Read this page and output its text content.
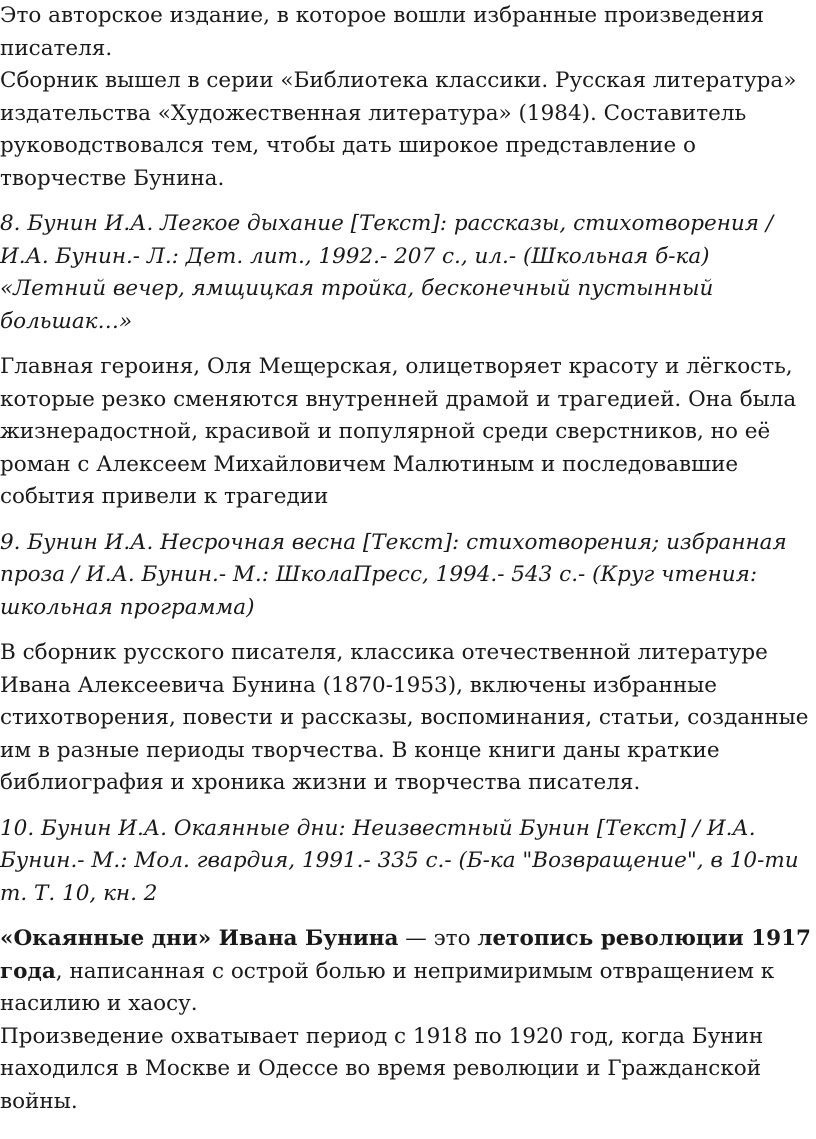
Это авторское издание, в которое вошли избранные произведения писателя.

Сборник вышел в серии «Библиотека классики. Русская литература» издательства «Художественная литература» (1984). Составитель руководствовался тем, чтобы дать широкое представление о творчестве Бунина.

8. Бунин И.А. Легкое дыхание [Текст]: рассказы, стихотворения / И.А. Бунин.- Л.: Дет. лит., 1992.- 207 с., ил.- (Школьная б-ка) «Летний вечер, ямщицкая тройка, бесконечный пустынный большак…»

Главная героиня, Оля Мещерская, олицетворяет красоту и лёгкость, которые резко сменяются внутренней драмой и трагедией. Она была жизнерадостной, красивой и популярной среди сверстников, но её роман с Алексеем Михайловичем Малютиным и последовавшие события привели к трагедии

9. Бунин И.А. Несрочная весна [Текст]: стихотворения; избранная проза / И.А. Бунин.- М.: ШколаПресс, 1994.- 543 с.- (Круг чтения: школьная программа)

В сборник русского писателя, классика отечественной литературе Ивана Алексеевича Бунина (1870-1953), включены избранные стихотворения, повести и рассказы, воспоминания, статьи, созданные им в разные периоды творчества. В конце книги даны краткие библиография и хроника жизни и творчества писателя.

10. Бунин И.А. Окаянные дни: Неизвестный Бунин [Текст] / И.А. Бунин.- М.: Мол. гвардия, 1991.- 335 с.- (Б-ка "Возвращение", в 10-ти т. Т. 10, кн. 2

«Окаянные дни» Ивана Бунина — это летопись революции 1917 года, написанная с острой болью и непримиримым отвращением к насилию и хаосу.

Произведение охватывает период с 1918 по 1920 год, когда Бунин находился в Москве и Одессе во время революции и Гражданской войны.
